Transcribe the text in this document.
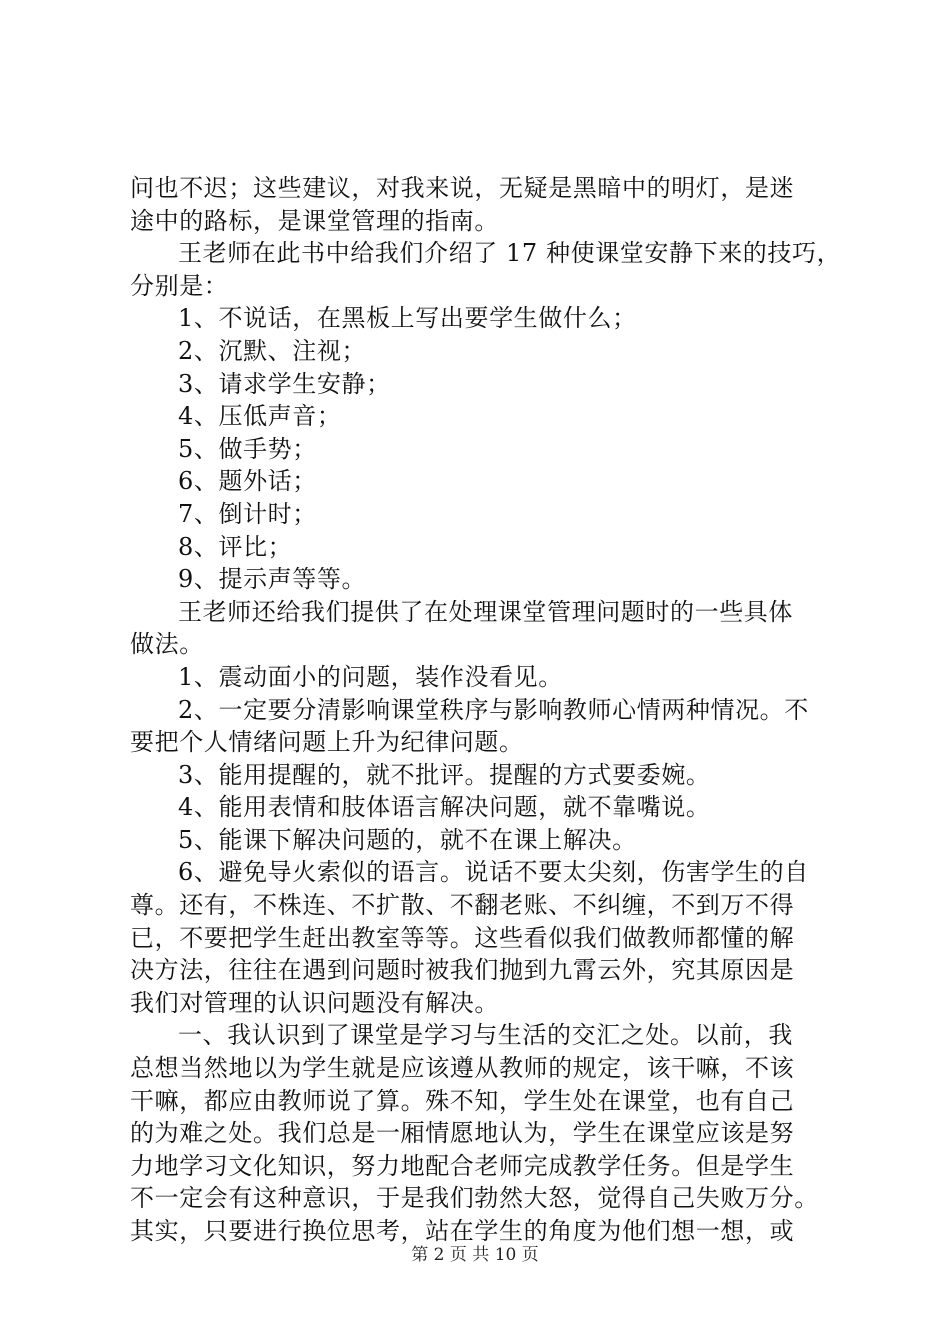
问也不迟；这些建议，对我来说，无疑是黑暗中的明灯，是迷
途中的路标，是课堂管理的指南。
王老师在此书中给我们介绍了 17 种使课堂安静下来的技巧，
分别是：
1、不说话，在黑板上写出要学生做什么；
2、沉默、注视；
3、请求学生安静；
4、压低声音；
5、做手势；
6、题外话；
7、倒计时；
8、评比；
9、提示声等等。
王老师还给我们提供了在处理课堂管理问题时的一些具体
做法。
1、震动面小的问题，装作没看见。
2、一定要分清影响课堂秩序与影响教师心情两种情况。不
要把个人情绪问题上升为纪律问题。
3、能用提醒的，就不批评。提醒的方式要委婉。
4、能用表情和肢体语言解决问题，就不靠嘴说。
5、能课下解决问题的，就不在课上解决。
6、避免导火索似的语言。说话不要太尖刻，伤害学生的自
尊。还有，不株连、不扩散、不翻老账、不纠缠，不到万不得
已，不要把学生赶出教室等等。这些看似我们做教师都懂的解
决方法，往往在遇到问题时被我们抛到九霄云外，究其原因是
我们对管理的认识问题没有解决。
一、我认识到了课堂是学习与生活的交汇之处。以前，我
总想当然地以为学生就是应该遵从教师的规定，该干嘛，不该
干嘛，都应由教师说了算。殊不知，学生处在课堂，也有自己
的为难之处。我们总是一厢情愿地认为，学生在课堂应该是努
力地学习文化知识，努力地配合老师完成教学任务。但是学生
不一定会有这种意识，于是我们勃然大怒，觉得自己失败万分。
其实，只要进行换位思考，站在学生的角度为他们想一想，或
第 2 页 共 10 页
